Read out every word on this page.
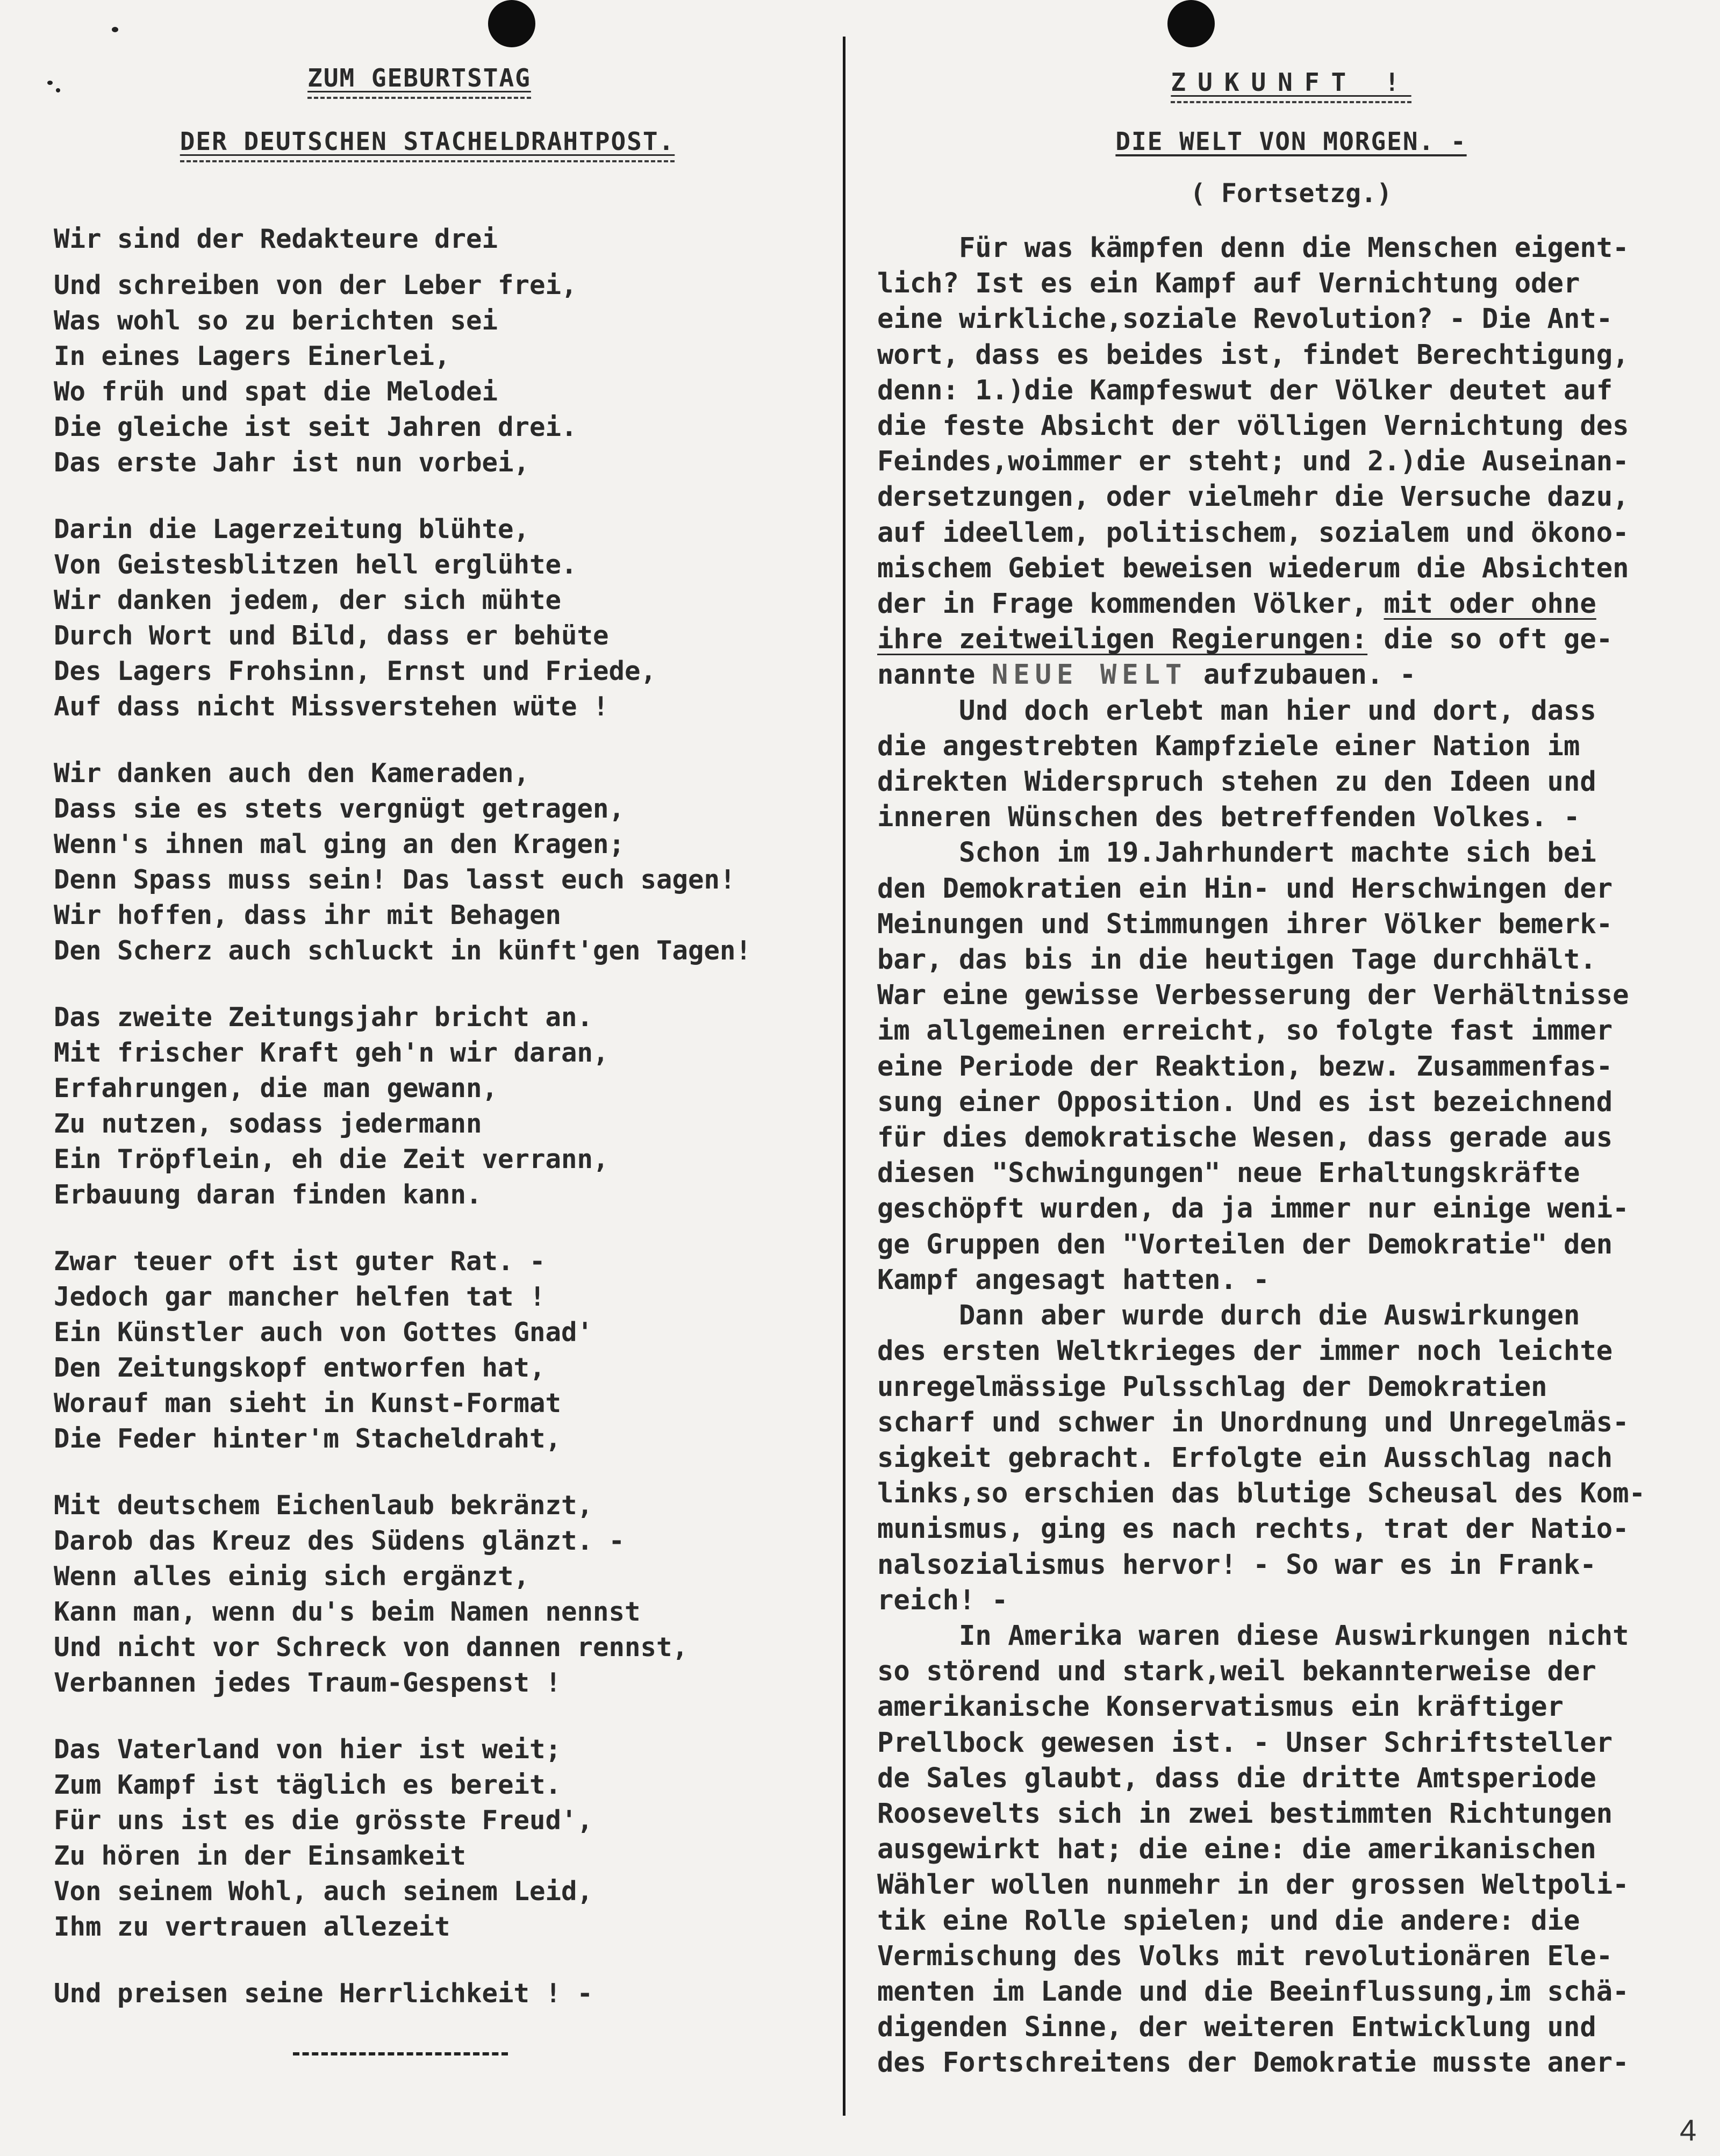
ZUM GEBURTSTAG
DER DEUTSCHEN STACHELDRAHTPOST.
Wir sind der Redakteure drei
Und schreiben von der Leber frei,
Was wohl so zu berichten sei
In eines Lagers Einerlei,
Wo früh und spat die Melodei
Die gleiche ist seit Jahren drei.
Das erste Jahr ist nun vorbei,
Darin die Lagerzeitung blühte,
Von Geistesblitzen hell erglühte.
Wir danken jedem, der sich mühte
Durch Wort und Bild, dass er behüte
Des Lagers Frohsinn, Ernst und Friede,
Auf dass nicht Missverstehen wüte !
Wir danken auch den Kameraden,
Dass sie es stets vergnügt getragen,
Wenn's ihnen mal ging an den Kragen;
Denn Spass muss sein! Das lasst euch sagen!
Wir hoffen, dass ihr mit Behagen
Den Scherz auch schluckt in künft'gen Tagen!
Das zweite Zeitungsjahr bricht an.
Mit frischer Kraft geh'n wir daran,
Erfahrungen, die man gewann,
Zu nutzen, sodass jedermann
Ein Tröpflein, eh die Zeit verrann,
Erbauung daran finden kann.
Zwar teuer oft ist guter Rat. -
Jedoch gar mancher helfen tat !
Ein Künstler auch von Gottes Gnad'
Den Zeitungskopf entworfen hat,
Worauf man sieht in Kunst-Format
Die Feder hinter'm Stacheldraht,
Mit deutschem Eichenlaub bekränzt,
Darob das Kreuz des Südens glänzt. -
Wenn alles einig sich ergänzt,
Kann man, wenn du's beim Namen nennst
Und nicht vor Schreck von dannen rennst,
Verbannen jedes Traum-Gespenst !
Das Vaterland von hier ist weit;
Zum Kampf ist täglich es bereit.
Für uns ist es die grösste Freud',
Zu hören in der Einsamkeit
Von seinem Wohl, auch seinem Leid,
Ihm zu vertrauen allezeit
Und preisen seine Herrlichkeit ! -
ZUKUNFT !
DIE WELT VON MORGEN. -
( Fortsetzg.)
Für was kämpfen denn die Menschen eigent-
lich? Ist es ein Kampf auf Vernichtung oder
eine wirkliche,soziale Revolution? - Die Ant-
wort, dass es beides ist, findet Berechtigung,
denn: 1.)die Kampfeswut der Völker deutet auf
die feste Absicht der völligen Vernichtung des
Feindes,woimmer er steht; und 2.)die Auseinan-
dersetzungen, oder vielmehr die Versuche dazu,
auf ideellem, politischem, sozialem und ökono-
mischem Gebiet beweisen wiederum die Absichten
der in Frage kommenden Völker, mit oder ohne
ihre zeitweiligen Regierungen: die so oft ge-
nannte NEUE WELT aufzubauen. -
Und doch erlebt man hier und dort, dass
die angestrebten Kampfziele einer Nation im
direkten Widerspruch stehen zu den Ideen und
inneren Wünschen des betreffenden Volkes. -
Schon im 19.Jahrhundert machte sich bei
den Demokratien ein Hin- und Herschwingen der
Meinungen und Stimmungen ihrer Völker bemerk-
bar, das bis in die heutigen Tage durchhält.
War eine gewisse Verbesserung der Verhältnisse
im allgemeinen erreicht, so folgte fast immer
eine Periode der Reaktion, bezw. Zusammenfas-
sung einer Opposition. Und es ist bezeichnend
für dies demokratische Wesen, dass gerade aus
diesen "Schwingungen" neue Erhaltungskräfte
geschöpft wurden, da ja immer nur einige weni-
ge Gruppen den "Vorteilen der Demokratie" den
Kampf angesagt hatten. -
Dann aber wurde durch die Auswirkungen
des ersten Weltkrieges der immer noch leichte
unregelmässige Pulsschlag der Demokratien
scharf und schwer in Unordnung und Unregelmäs-
sigkeit gebracht. Erfolgte ein Ausschlag nach
links,so erschien das blutige Scheusal des Kom-
munismus, ging es nach rechts, trat der Natio-
nalsozialismus hervor! - So war es in Frank-
reich! -
In Amerika waren diese Auswirkungen nicht
so störend und stark,weil bekannterweise der
amerikanische Konservatismus ein kräftiger
Prellbock gewesen ist. - Unser Schriftsteller
de Sales glaubt, dass die dritte Amtsperiode
Roosevelts sich in zwei bestimmten Richtungen
ausgewirkt hat; die eine: die amerikanischen
Wähler wollen nunmehr in der grossen Weltpoli-
tik eine Rolle spielen; und die andere: die
Vermischung des Volks mit revolutionären Ele-
menten im Lande und die Beeinflussung,im schä-
digenden Sinne, der weiteren Entwicklung und
des Fortschreitens der Demokratie musste aner-
4
